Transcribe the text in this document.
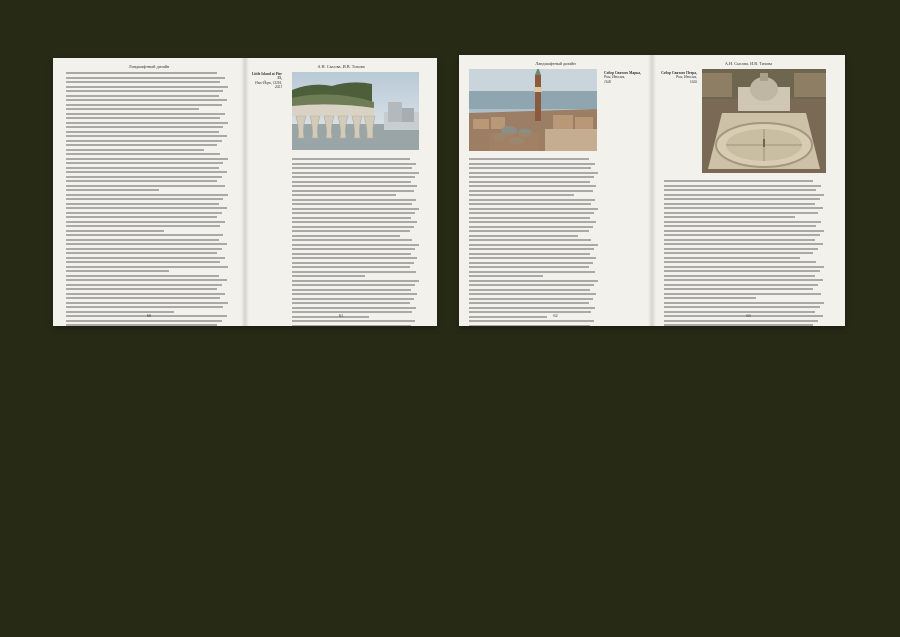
Ландшафтный дизайн
60
А.Н. Сысова, И.В. Тихова
Little Island at Pier 55,
Нью-Йорк, США,
2021
61
Ландшафтный дизайн
Собор Святого Марка,
Рим, Италия,
1626
62
А.Н. Сысова, И.В. Тихова
Собор Святого Петра,
Рим, Италия,
1626
63
